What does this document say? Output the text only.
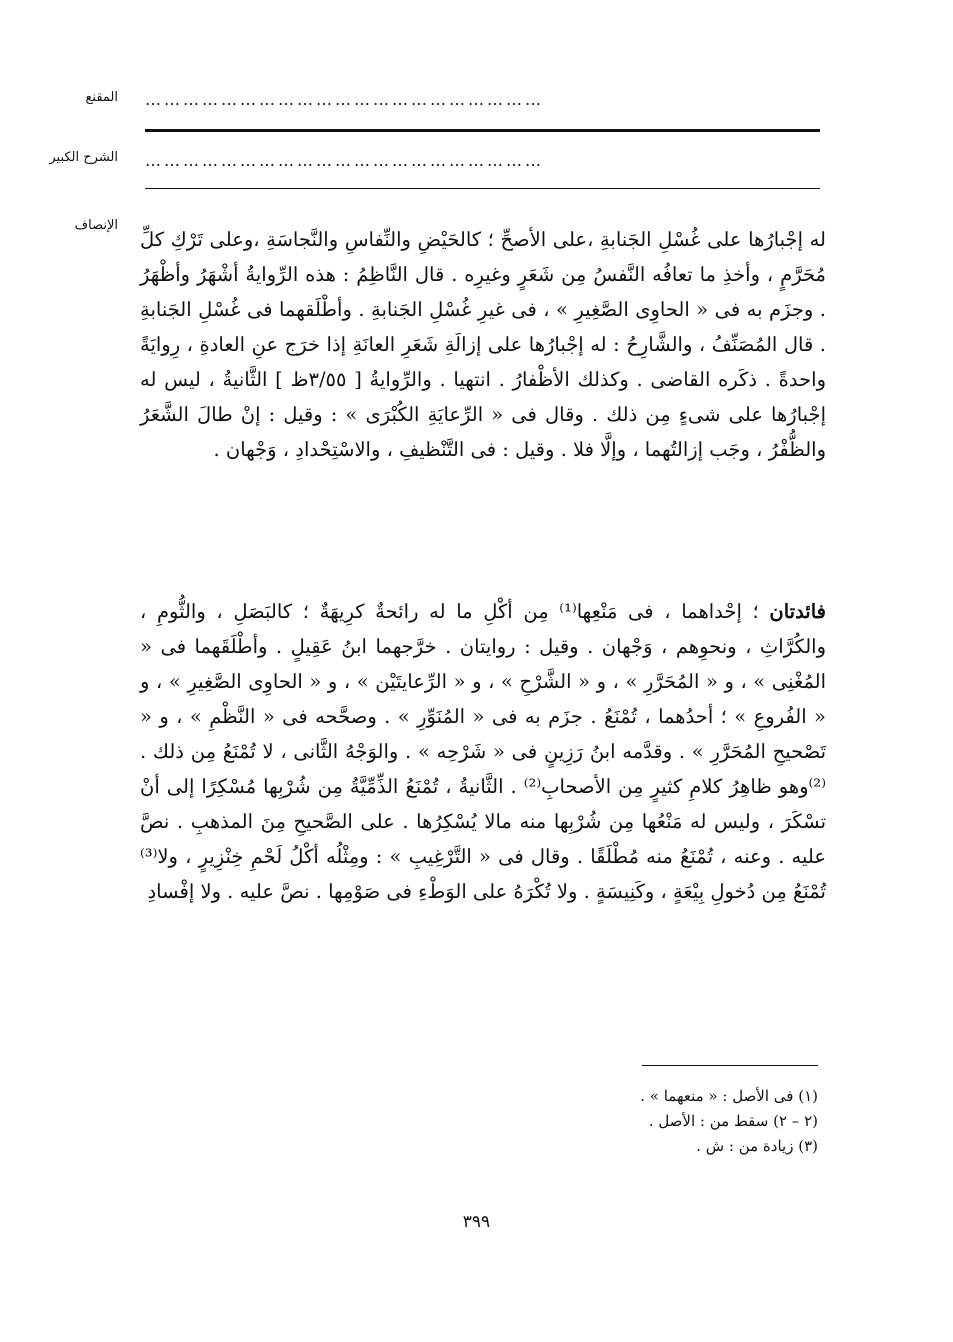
المقنع ………………………………………………………
الشرح الكبير ………………………………………………………
الإنصاف

له إجْبارُها على غُسْلِ الجَنابةِ ،على الأصحِّ ؛ كالحَيْضِ والنِّفاسِ والنَّجاسَةِ ،وعلى تَرْكِ كلِّ مُحَرَّمٍ ، وأخذِ ما تعافُه النَّفسُ مِن شَعَرٍ وغيرِه . قال النَّاظِمُ : هذه الرِّوايةُ أشْهَرُ وأظْهَرُ . وجزَم به فى « الحاوِى الصَّغِيرِ » ، فى غيرِ غُسْلِ الجَنابةِ . وأطْلَقهما فى غُسْلِ الجَنابةِ . قال المُصَنِّفُ ، والشَّارِحُ : له إجْبارُها على إزالَةِ شَعَرِ العانَةِ إذا خرَج عنِ العادةِ ، رِوايَةً واحدةً . ذكَره القاضى . وكذلك الأظْفارُ . انتهيا . والرِّوايةُ [ ٣/٥٥ظ ] الثَّانيةُ ، ليس له إجْبارُها على شىءٍ مِن ذلك . وقال فى « الرِّعايَةِ الكُبْرَى » : وقيل : إنْ طالَ الشَّعَرُ والظُّفْرُ ، وجَب إزالتُهما ، وإلَّا فلا . وقيل : فى التَّنْظيفِ ، والاسْتِحْدادِ ، وَجْهان .

فائدتان ؛ إحْداهما ، فى مَنْعِها⁽¹⁾ مِن أكْلِ ما له رائحةٌ كرِيهَةٌ ؛ كالبَصَلِ ، والثُّومِ ، والكُرَّاثِ ، ونحوِهم ، وَجْهان . وقيل : روايتان . خرَّجهما ابنُ عَقِيلٍ . وأطْلَقَهما فى « المُغْنِى » ، و « المُحَرَّرِ » ، و « الشَّرْحِ » ، و « الرِّعايتَيْن » ، و « الحاوِى الصَّغِيرِ » ، و « الفُروعِ » ؛ أحدُهما ، تُمْنَعُ . جزَم به فى « المُنَوِّرِ » . وصحَّحه فى « النَّظْمِ » ، و « تَصْحيحِ المُحَرَّرِ » . وقدَّمه ابنُ رَزِينٍ فى « شَرْحِه » . والوَجْهُ الثَّانى ، لا تُمْنَعُ مِن ذلك . ⁽²⁾وهو ظاهِرُ كلامِ كثيرٍ مِن الأصحابِ⁽²⁾ . الثَّانيةُ ، تُمْنَعُ الذِّمِّيَّةُ مِن شُرْبِها مُسْكِرًا إلى أنْ تسْكَرَ ، وليس له مَنْعُها مِن شُرْبِها منه مالا يُسْكِرُها . على الصَّحيحِ مِنَ المذهبِ . نصَّ عليه . وعنه ، تُمْنَعُ منه مُطْلَقًا . وقال فى « التَّرْغِيبِ » : ومِثْلُه أكْلُ لَحْمِ خِنْزِيرٍ ، ولا⁽³⁾ تُمْنَعُ مِن دُخولِ بِيْعَةٍ ، وكَنِيسَةٍ . ولا تُكْرَهُ على الوَطْءِ فى صَوْمِها . نصَّ عليه . ولا إفْسادِ

(١) فى الأصل : « منعهما » .
(٢ – ٢) سقط من : الأصل .
(٣) زيادة من : ش .
٣٩٩
